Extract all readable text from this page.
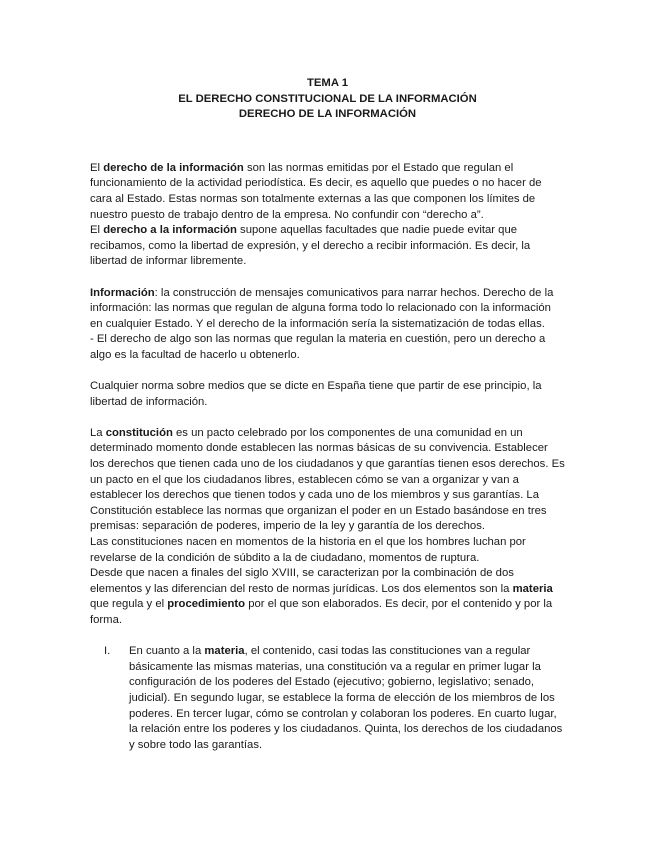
TEMA 1
EL DERECHO CONSTITUCIONAL DE LA INFORMACIÓN
DERECHO DE LA INFORMACIÓN

El derecho de la información son las normas emitidas por el Estado que regulan el funcionamiento de la actividad periodística. Es decir, es aquello que puedes o no hacer de cara al Estado. Estas normas son totalmente externas a las que componen los límites de nuestro puesto de trabajo dentro de la empresa. No confundir con “derecho a”.

El derecho a la información supone aquellas facultades que nadie puede evitar que recibamos, como la libertad de expresión, y el derecho a recibir información. Es decir, la libertad de informar libremente.

Información: la construcción de mensajes comunicativos para narrar hechos. Derecho de la información: las normas que regulan de alguna forma todo lo relacionado con la información en cualquier Estado. Y el derecho de la información sería la sistematización de todas ellas.

- El derecho de algo son las normas que regulan la materia en cuestión, pero un derecho a algo es la facultad de hacerlo u obtenerlo.

Cualquier norma sobre medios que se dicte en España tiene que partir de ese principio, la libertad de información.

La constitución es un pacto celebrado por los componentes de una comunidad en un determinado momento donde establecen las normas básicas de su convivencia. Establecer los derechos que tienen cada uno de los ciudadanos y que garantías tienen esos derechos. Es un pacto en el que los ciudadanos libres, establecen cómo se van a organizar y van a establecer los derechos que tienen todos y cada uno de los miembros y sus garantías. La Constitución establece las normas que organizan el poder en un Estado basándose en tres premisas: separación de poderes, imperio de la ley y garantía de los derechos.

Las constituciones nacen en momentos de la historia en el que los hombres luchan por revelarse de la condición de súbdito a la de ciudadano, momentos de ruptura.

Desde que nacen a finales del siglo XVIII, se caracterizan por la combinación de dos elementos y las diferencian del resto de normas jurídicas. Los dos elementos son la materia que regula y el procedimiento por el que son elaborados. Es decir, por el contenido y por la forma.

I. En cuanto a la materia, el contenido, casi todas las constituciones van a regular básicamente las mismas materias, una constitución va a regular en primer lugar la configuración de los poderes del Estado (ejecutivo; gobierno, legislativo; senado, judicial). En segundo lugar, se establece la forma de elección de los miembros de los poderes. En tercer lugar, cómo se controlan y colaboran los poderes. En cuarto lugar, la relación entre los poderes y los ciudadanos. Quinta, los derechos de los ciudadanos y sobre todo las garantías.
